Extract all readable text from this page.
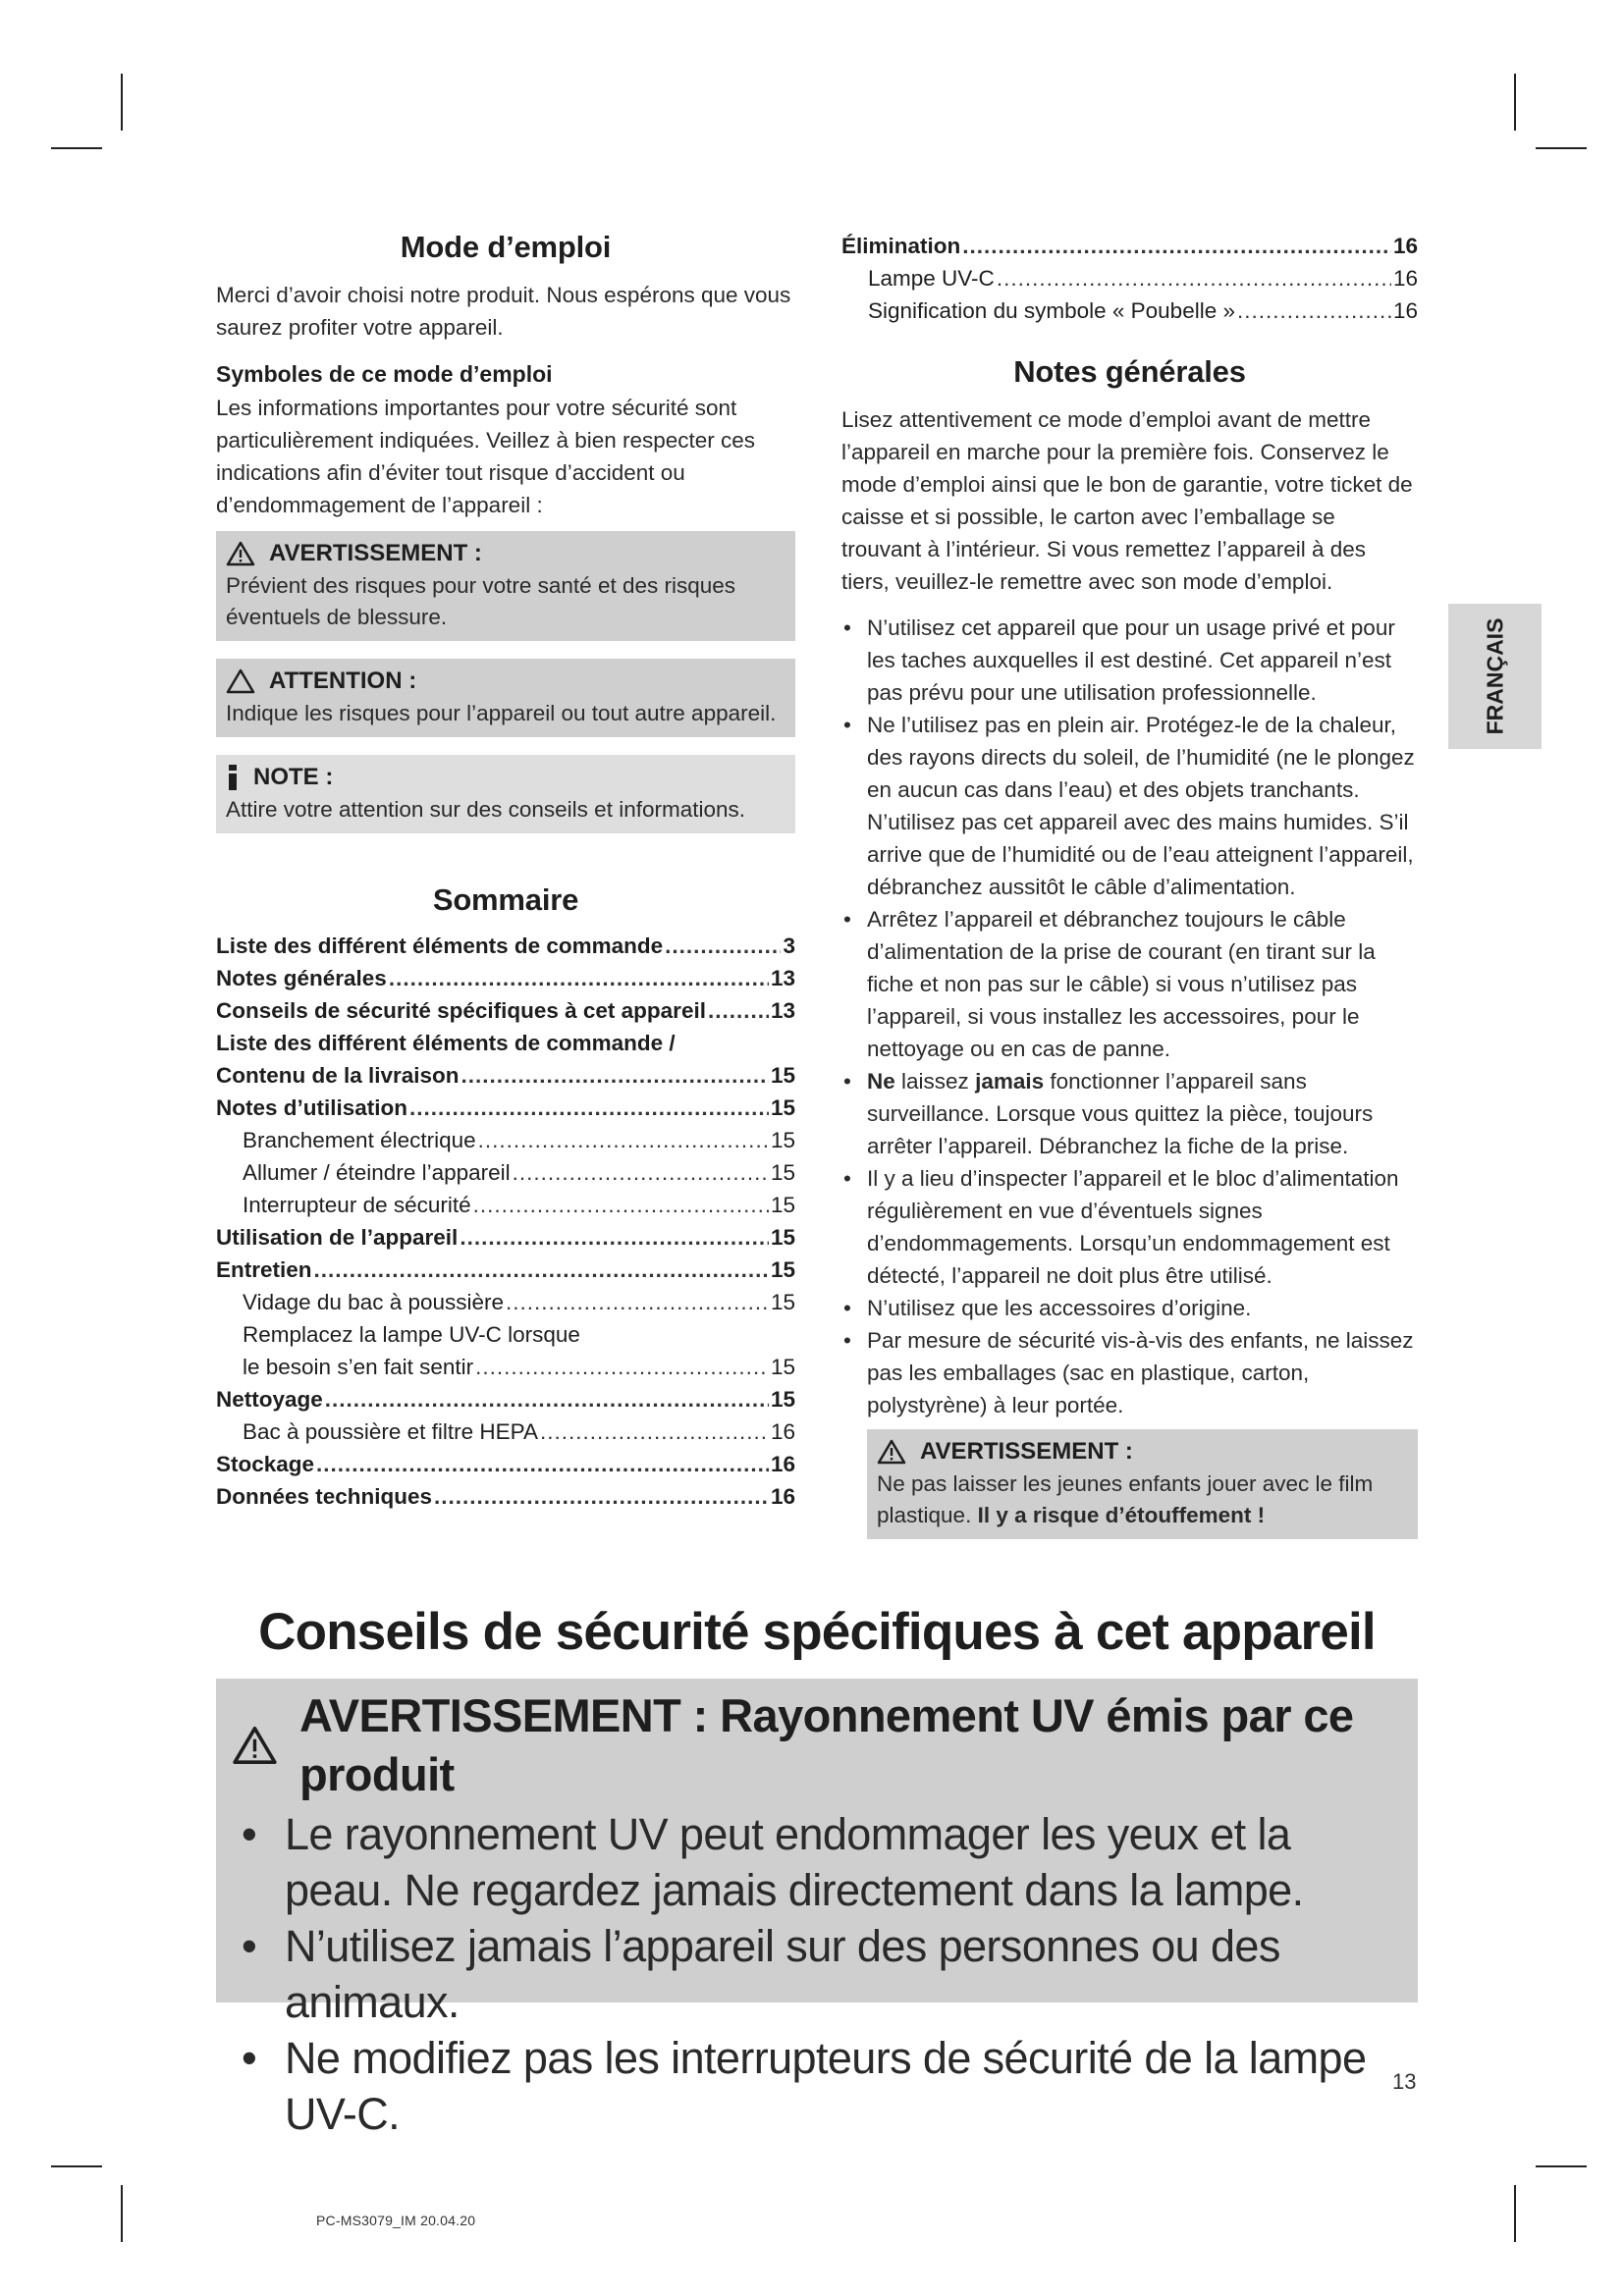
Mode d’emploi

Merci d’avoir choisi notre produit. Nous espérons que vous saurez profiter votre appareil.

Symboles de ce mode d’emploi

Les informations importantes pour votre sécurité sont particulièrement indiquées. Veillez à bien respecter ces indications afin d’éviter tout risque d’accident ou d’endommagement de l’appareil :

AVERTISSEMENT :
Prévient des risques pour votre santé et des risques éventuels de blessure.
ATTENTION :
Indique les risques pour l’appareil ou tout autre appareil.
NOTE :
Attire votre attention sur des conseils et informations.
Sommaire
Liste des différent éléments de commande .....	3
Notes générales .....	13
Conseils de sécurité spécifiques à cet appareil .....	13
Liste des différent éléments de commande /
Contenu de la livraison .....	15
Notes d’utilisation .....	15
Branchement électrique .....	15
Allumer / éteindre l’appareil .....	15
Interrupteur de sécurité .....	15
Utilisation de l’appareil .....	15
Entretien .....	15
Vidage du bac à poussière .....	15
Remplacez la lampe UV-C lorsque
le besoin s’en fait sentir .....	15
Nettoyage .....	15
Bac à poussière et filtre HEPA .....	16
Stockage .....	16
Données techniques .....	16
Élimination .....	16
Lampe UV-C .....	16
Signification du symbole « Poubelle » .....	16
Notes générales

Lisez attentivement ce mode d’emploi avant de mettre l’appareil en marche pour la première fois. Conservez le mode d’emploi ainsi que le bon de garantie, votre ticket de caisse et si possible, le carton avec l’emballage se trouvant à l’intérieur. Si vous remettez l’appareil à des tiers, veuillez-le remettre avec son mode d’emploi.

• N’utilisez cet appareil que pour un usage privé et pour les taches auxquelles il est destiné. Cet appareil n’est pas prévu pour une utilisation professionnelle.
• Ne l’utilisez pas en plein air. Protégez-le de la chaleur, des rayons directs du soleil, de l’humidité (ne le plongez en aucun cas dans l’eau) et des objets tranchants. N’utilisez pas cet appareil avec des mains humides. S’il arrive que de l’humidité ou de l’eau atteignent l’appareil, débranchez aussitôt le câble d’alimentation.
• Arrêtez l’appareil et débranchez toujours le câble d’alimentation de la prise de courant (en tirant sur la fiche et non pas sur le câble) si vous n’utilisez pas l’appareil, si vous installez les accessoires, pour le nettoyage ou en cas de panne.
• Ne laissez jamais fonctionner l’appareil sans surveillance. Lorsque vous quittez la pièce, toujours arrêter l’appareil. Débranchez la fiche de la prise.
• Il y a lieu d’inspecter l’appareil et le bloc d’alimentation régulièrement en vue d’éventuels signes d’endommagements. Lorsqu’un endommagement est détecté, l’appareil ne doit plus être utilisé.
• N’utilisez que les accessoires d’origine.
• Par mesure de sécurité vis-à-vis des enfants, ne laissez pas les emballages (sac en plastique, carton, polystyrène) à leur portée.
AVERTISSEMENT :
Ne pas laisser les jeunes enfants jouer avec le film plastique. Il y a risque d’étouffement !
FRANÇAIS
Conseils de sécurité spécifiques à cet appareil
AVERTISSEMENT : Rayonnement UV émis par ce produit
• Le rayonnement UV peut endommager les yeux et la peau. Ne regardez jamais directement dans la lampe.
• N’utilisez jamais l’appareil sur des personnes ou des animaux.
• Ne modifiez pas les interrupteurs de sécurité de la lampe UV-C.
13
PC-MS3079_IM 20.04.20
